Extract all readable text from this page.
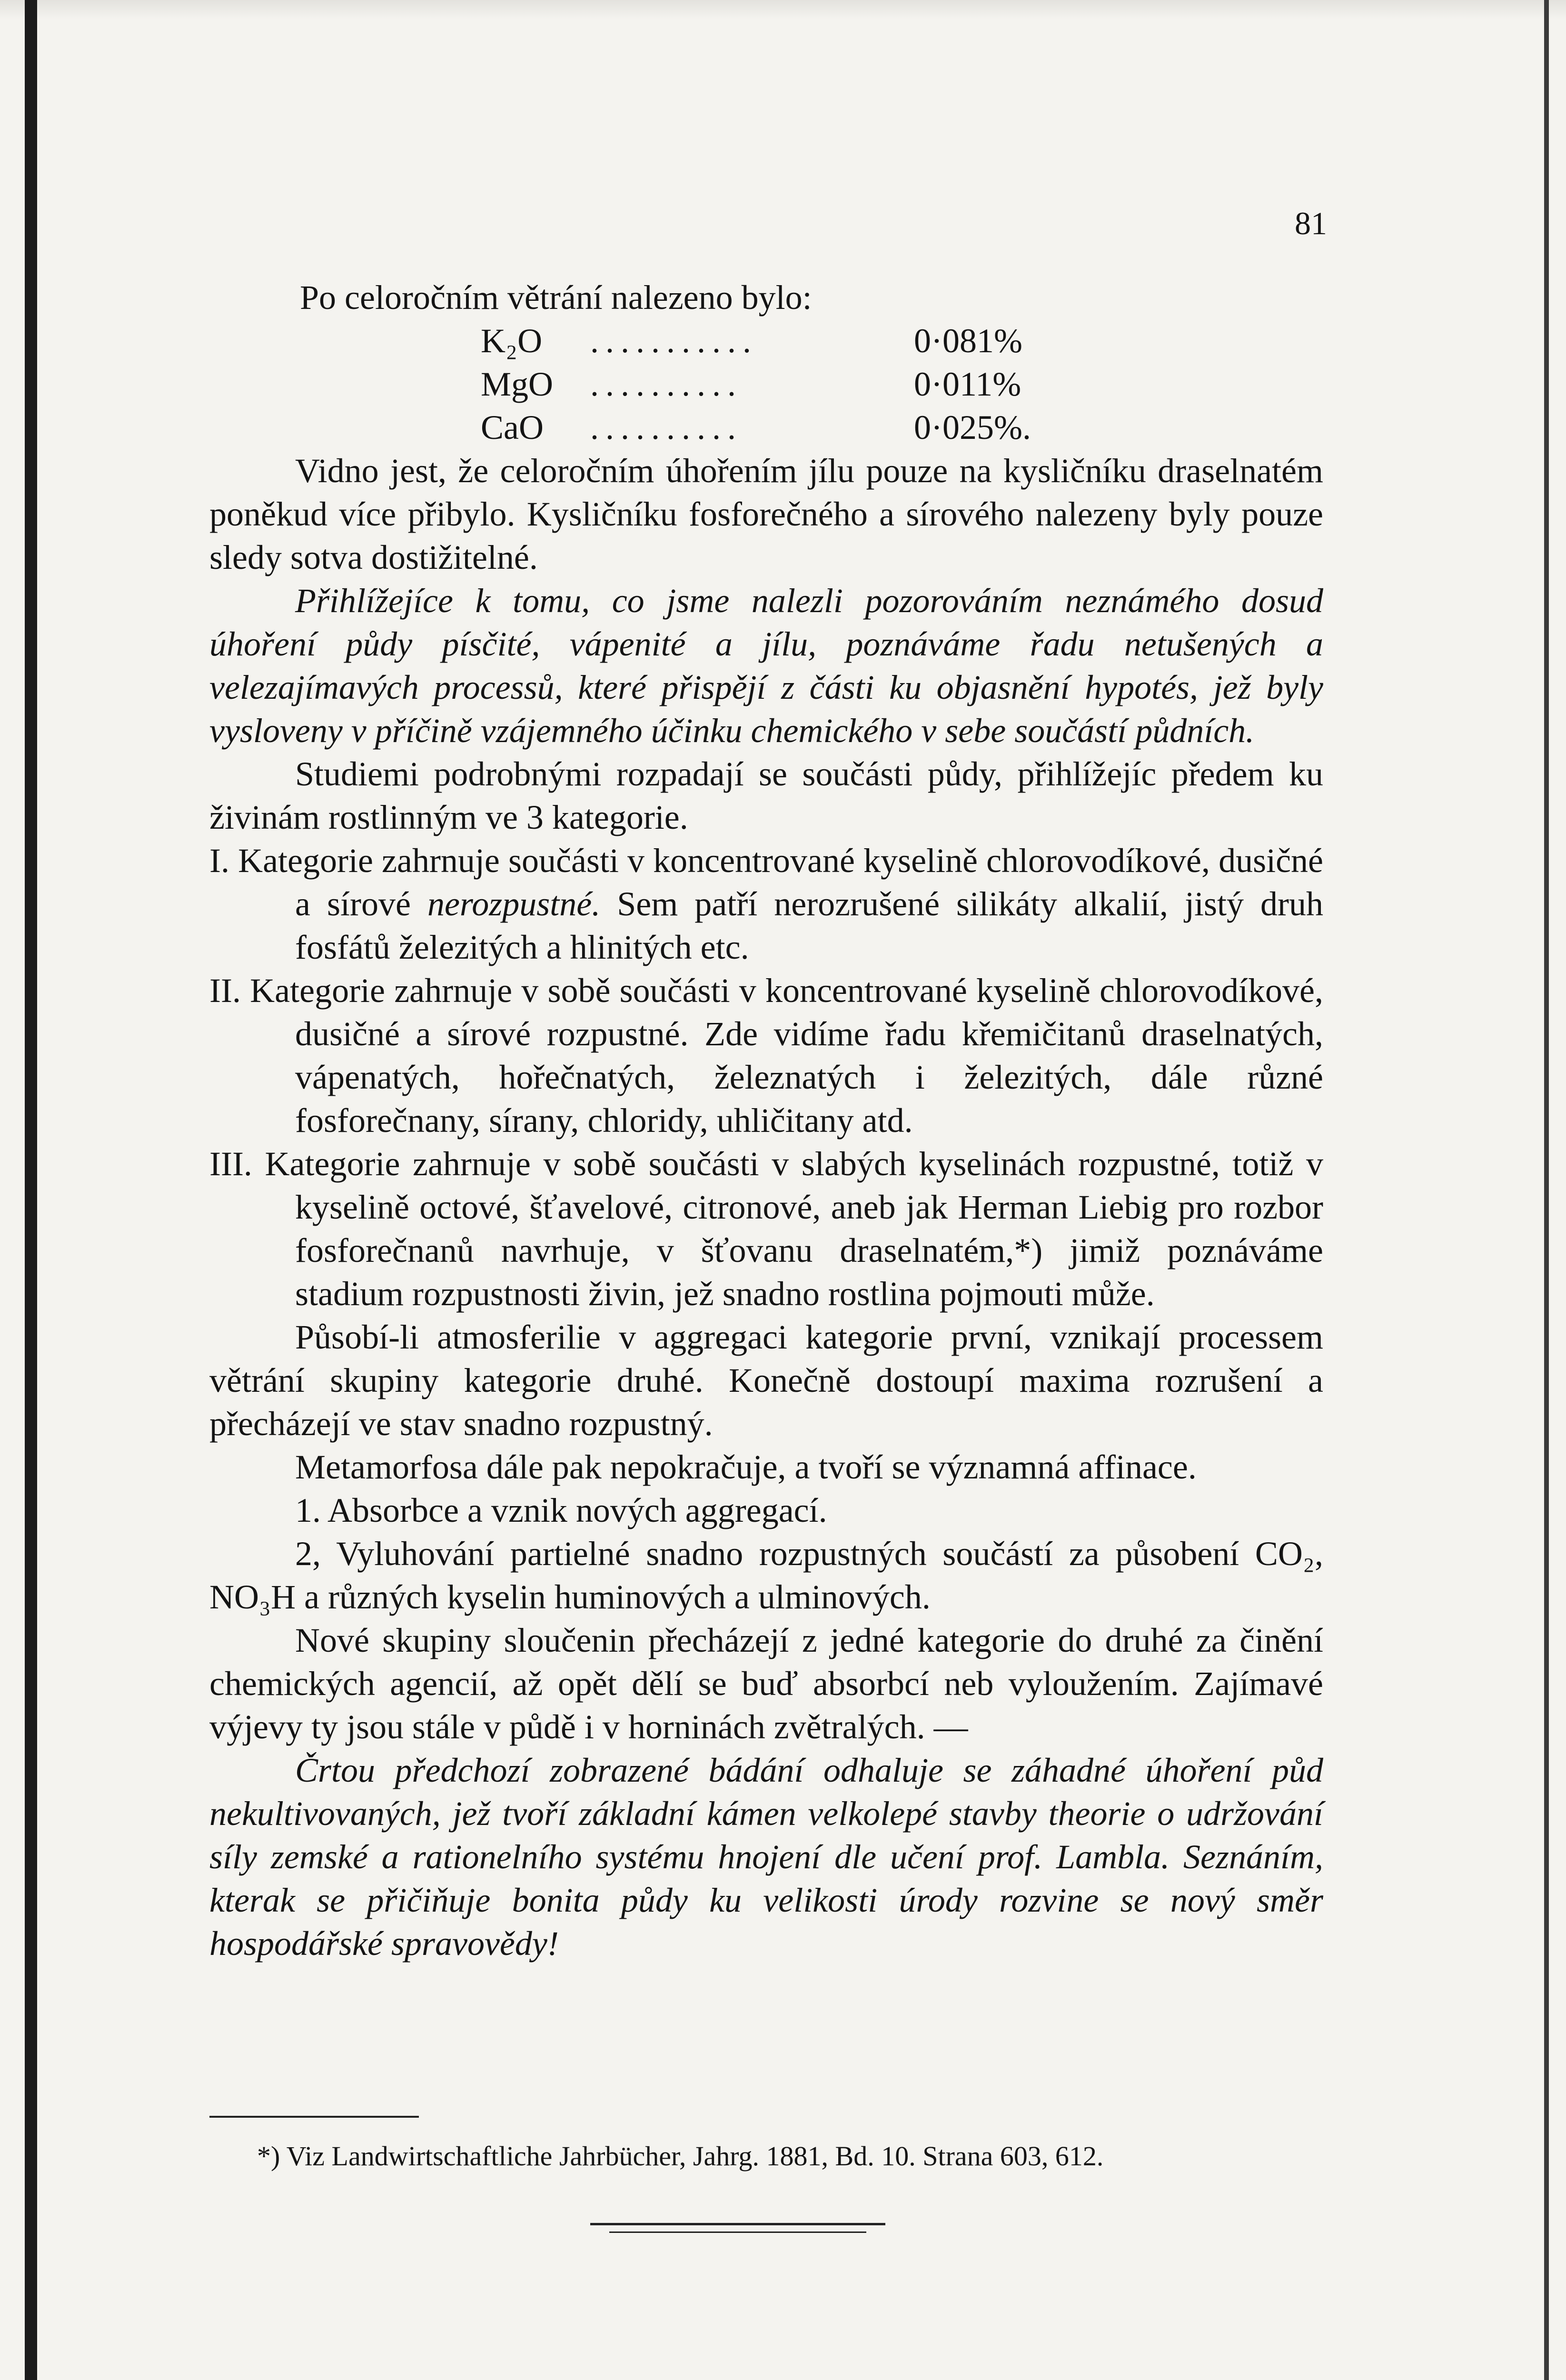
81

Po celoročním větrání nalezeno bylo:

K₂O ...........	0·081%

MgO ..........	0·011%

CaO ..........	0·025%.

Vidno jest, že celoročním úhořením jílu pouze na kysličníku draselnatém poněkud více přibylo. Kysličníku fosforečného a sírového nalezeny byly pouze sledy sotva dostižitelné.

Přihlížejíce k tomu, co jsme nalezli pozorováním neznámého dosud úhoření půdy písčité, vápenité a jílu, poznáváme řadu netušených a velezajímavých processů, které přispějí z části ku objasnění hypotés, jež byly vysloveny v příčině vzájemného účinku chemického v sebe součástí půdních.

Studiemi podrobnými rozpadají se součásti půdy, přihlížejíc předem ku živinám rostlinným ve 3 kategorie.

I. Kategorie zahrnuje součásti v koncentrované kyselině chlorovodíkové, dusičné a sírové nerozpustné. Sem patří nerozrušené silikáty alkalií, jistý druh fosfátů železitých a hlinitých etc.

II. Kategorie zahrnuje v sobě součásti v koncentrované kyselině chlorovodíkové, dusičné a sírové rozpustné. Zde vidíme řadu křemičitanů draselnatých, vápenatých, hořečnatých, železnatých i železitých, dále různé fosforečnany, sírany, chloridy, uhličitany atd.

III. Kategorie zahrnuje v sobě součásti v slabých kyselinách rozpustné, totiž v kyselině octové, šťavelové, citronové, aneb jak Herman Liebig pro rozbor fosforečnanů navrhuje, v šťovanu draselnatém,*) jimiž poznáváme stadium rozpustnosti živin, jež snadno rostlina pojmouti může.

Působí-li atmosferilie v aggregaci kategorie první, vznikají processem větrání skupiny kategorie druhé. Konečně dostoupí maxima rozrušení a přecházejí ve stav snadno rozpustný.

Metamorfosa dále pak nepokračuje, a tvoří se významná affinace.

1. Absorbce a vznik nových aggregací.

2, Vyluhování partielné snadno rozpustných součástí za působení CO₂, NO₃H a různých kyselin huminových a ulminových.

Nové skupiny sloučenin přecházejí z jedné kategorie do druhé za činění chemických agencií, až opět dělí se buď absorbcí neb vyloužením. Zajímavé výjevy ty jsou stále v půdě i v horninách zvětralých. —

Črtou předchozí zobrazené bádání odhaluje se záhadné úhoření půd nekultivovaných, jež tvoří základní kámen velkolepé stavby theorie o udržování síly zemské a rationelního systému hnojení dle učení prof. Lambla. Seznáním, kterak se přičiňuje bonita půdy ku velikosti úrody rozvine se nový směr hospodářské spravovědy!

*) Viz Landwirtschaftliche Jahrbücher, Jahrg. 1881, Bd. 10. Strana 603, 612.
